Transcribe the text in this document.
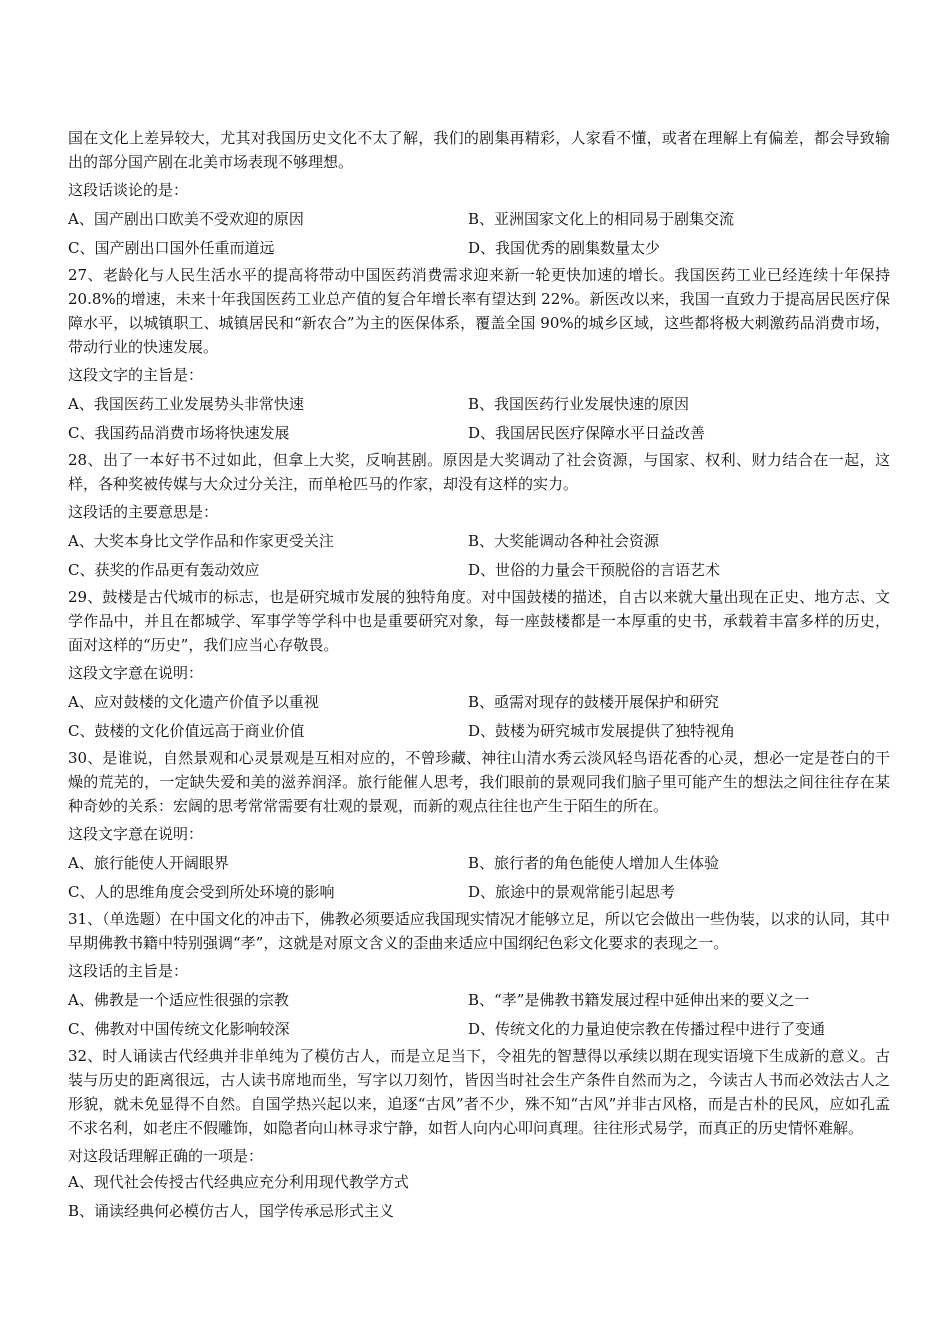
国在文化上差异较大，尤其对我国历史文化不太了解，我们的剧集再精彩，人家看不懂，或者在理解上有偏差，都会导致输出的部分国产剧在北美市场表现不够理想。

这段话谈论的是：

A、国产剧出口欧美不受欢迎的原因	B、亚洲国家文化上的相同易于剧集交流
C、国产剧出口国外任重而道远	D、我国优秀的剧集数量太少

27、老龄化与人民生活水平的提高将带动中国医药消费需求迎来新一轮更快加速的增长。我国医药工业已经连续十年保持 20.8%的增速，未来十年我国医药工业总产值的复合年增长率有望达到 22%。新医改以来，我国一直致力于提高居民医疗保障水平，以城镇职工、城镇居民和“新农合”为主的医保体系，覆盖全国 90%的城乡区域，这些都将极大刺激药品消费市场，带动行业的快速发展。

这段文字的主旨是：

A、我国医药工业发展势头非常快速	B、我国医药行业发展快速的原因
C、我国药品消费市场将快速发展	D、我国居民医疗保障水平日益改善

28、出了一本好书不过如此，但拿上大奖，反响甚剧。原因是大奖调动了社会资源，与国家、权利、财力结合在一起，这样，各种奖被传媒与大众过分关注，而单枪匹马的作家，却没有这样的实力。

这段话的主要意思是：

A、大奖本身比文学作品和作家更受关注	B、大奖能调动各种社会资源
C、获奖的作品更有轰动效应	D、世俗的力量会干预脱俗的言语艺术

29、鼓楼是古代城市的标志，也是研究城市发展的独特角度。对中国鼓楼的描述，自古以来就大量出现在正史、地方志、文学作品中，并且在都城学、军事学等学科中也是重要研究对象，每一座鼓楼都是一本厚重的史书，承载着丰富多样的历史，面对这样的“历史”，我们应当心存敬畏。

这段文字意在说明：

A、应对鼓楼的文化遗产价值予以重视	B、亟需对现存的鼓楼开展保护和研究
C、鼓楼的文化价值远高于商业价值	D、鼓楼为研究城市发展提供了独特视角

30、是谁说，自然景观和心灵景观是互相对应的，不曾珍藏、神往山清水秀云淡风轻鸟语花香的心灵，想必一定是苍白的干燥的荒芜的，一定缺失爱和美的滋养润泽。旅行能催人思考，我们眼前的景观同我们脑子里可能产生的想法之间往往存在某种奇妙的关系：宏阔的思考常常需要有壮观的景观，而新的观点往往也产生于陌生的所在。

这段文字意在说明：

A、旅行能使人开阔眼界	B、旅行者的角色能使人增加人生体验
C、人的思维角度会受到所处环境的影响	D、旅途中的景观常能引起思考

31、（单选题）在中国文化的冲击下，佛教必须要适应我国现实情况才能够立足，所以它会做出一些伪装，以求的认同，其中早期佛教书籍中特别强调“孝”，这就是对原文含义的歪曲来适应中国纲纪色彩文化要求的表现之一。

这段话的主旨是：

A、佛教是一个适应性很强的宗教	B、“孝”是佛教书籍发展过程中延伸出来的要义之一
C、佛教对中国传统文化影响较深	D、传统文化的力量迫使宗教在传播过程中进行了变通

32、时人诵读古代经典并非单纯为了模仿古人，而是立足当下，令祖先的智慧得以承续以期在现实语境下生成新的意义。古装与历史的距离很远，古人读书席地而坐，写字以刀刻竹，皆因当时社会生产条件自然而为之，今读古人书而必效法古人之形貌，就未免显得不自然。自国学热兴起以来，追逐“古风”者不少，殊不知“古风”并非古风格，而是古朴的民风，应如孔孟不求名利，如老庄不假雕饰，如隐者向山林寻求宁静，如哲人向内心叩问真理。往往形式易学，而真正的历史情怀难解。

对这段话理解正确的一项是：

A、现代社会传授古代经典应充分利用现代教学方式
B、诵读经典何必模仿古人，国学传承忌形式主义
